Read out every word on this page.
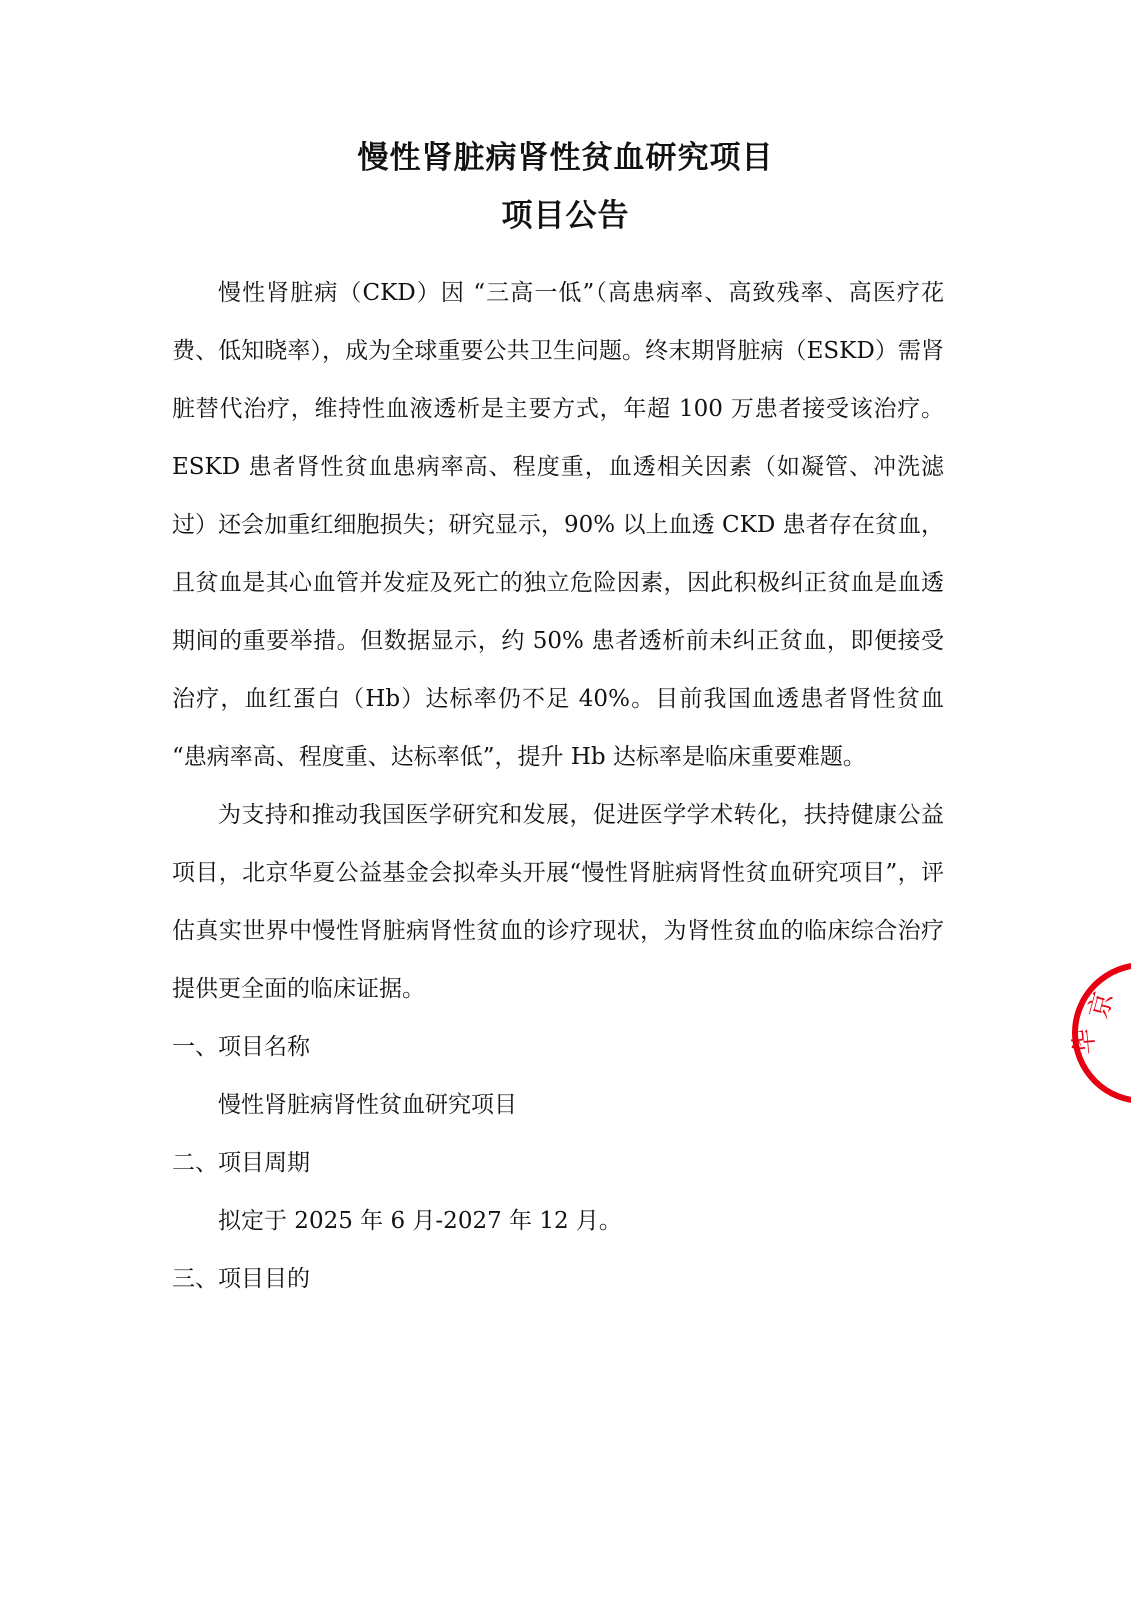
慢性肾脏病肾性贫血研究项目
项目公告

慢性肾脏病（CKD）因 “三高一低”（高患病率、高致残率、高医疗花费、低知晓率），成为全球重要公共卫生问题。终末期肾脏病（ESKD）需肾脏替代治疗，维持性血液透析是主要方式，年超 100 万患者接受该治疗。ESKD 患者肾性贫血患病率高、程度重，血透相关因素（如凝管、冲洗滤过）还会加重红细胞损失；研究显示，90% 以上血透 CKD 患者存在贫血，且贫血是其心血管并发症及死亡的独立危险因素，因此积极纠正贫血是血透期间的重要举措。但数据显示，约 50% 患者透析前未纠正贫血，即便接受治疗，血红蛋白（Hb）达标率仍不足 40%。目前我国血透患者肾性贫血 “患病率高、程度重、达标率低”，提升 Hb 达标率是临床重要难题。

为支持和推动我国医学研究和发展，促进医学学术转化，扶持健康公益项目，北京华夏公益基金会拟牵头开展“慢性肾脏病肾性贫血研究项目”，评估真实世界中慢性肾脏病肾性贫血的诊疗现状，为肾性贫血的临床综合治疗提供更全面的临床证据。

一、项目名称

慢性肾脏病肾性贫血研究项目

二、项目周期

拟定于 2025 年 6 月-2027 年 12 月。

三、项目目的

京
华
